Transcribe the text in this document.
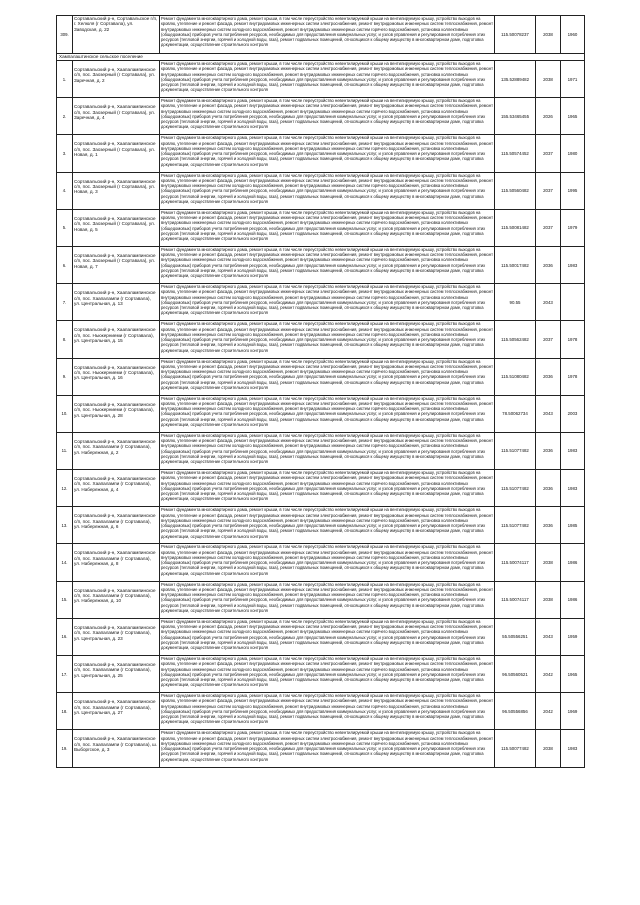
309.	Сортавальский р-н, Сортавальское г/п, г. Хелюля (г Сортавала), ул. Заводская, д. 22	Ремонт фундамента многоквартирного дома, ремонт крыши, в том числе переустройство невентилируемой крыши на вентилируемую крышу, устройство выходов на кровлю, утепление и ремонт фасада, ремонт внутридомовых инженерных систем электроснабжения, ремонт внутридомовых инженерных систем теплоснабжения, ремонт внутридомовых инженерных систем холодного водоснабжения, ремонт внутридомовых инженерных систем горячего водоснабжения, установка коллективных (общедомовых) приборов учета потребления ресурсов, необходимых для предоставления коммунальных услуг, и узлов управления и регулирования потребления этих ресурсов (тепловой энергии, горячей и холодной воды, газа), ремонт подвальных помещений, относящихся к общему имуществу в многоквартирном доме, подготовка документации, осуществление строительного контроля	115.50078237	2038	1960
Хампалаштинское сельское поселение					
1.	Сортавальский р-н, Хаапалампинское с/п, пос. Заозерный (г Сортавала), ул. Заречная, д. 2	Ремонт фундамента многоквартирного дома, ремонт крыши, в том числе переустройство невентилируемой крыши на вентилируемую крышу, устройство выходов на кровлю, утепление и ремонт фасада, ремонт внутридомовых инженерных систем электроснабжения, ремонт внутридомовых инженерных систем теплоснабжения, ремонт внутридомовых инженерных систем холодного водоснабжения, ремонт внутридомовых инженерных систем горячего водоснабжения, установка коллективных (общедомовых) приборов учета потребления ресурсов, необходимых для предоставления коммунальных услуг, и узлов управления и регулирования потребления этих ресурсов (тепловой энергии, горячей и холодной воды, газа), ремонт подвальных помещений, относящихся к общему имуществу в многоквартирном доме, подготовка документации, осуществление строительного контроля	135.52889482	2038	1971
2.	Сортавальский р-н, Хаапалампинское с/п, пос. Заозерный (г Сортавала), ул. Заречная, д. 4	Ремонт фундамента многоквартирного дома, ремонт крыши, в том числе переустройство невентилируемой крыши на вентилируемую крышу, устройство выходов на кровлю, утепление и ремонт фасада, ремонт внутридомовых инженерных систем электроснабжения, ремонт внутридомовых инженерных систем теплоснабжения, ремонт внутридомовых инженерных систем холодного водоснабжения, ремонт внутридомовых инженерных систем горячего водоснабжения, установка коллективных (общедомовых) приборов учета потребления ресурсов, необходимых для предоставления коммунальных услуг, и узлов управления и регулирования потребления этих ресурсов (тепловой энергии, горячей и холодной воды, газа), ремонт подвальных помещений, относящихся к общему имуществу в многоквартирном доме, подготовка документации, осуществление строительного контроля	155.53465455	2026	1965
3.	Сортавальский р-н, Хаапалампинское с/п, пос. Заозерный (г Сортавала), ул. Новая, д. 1	Ремонт фундамента многоквартирного дома, ремонт крыши, в том числе переустройство невентилируемой крыши на вентилируемую крышу, устройство выходов на кровлю, утепление и ремонт фасада, ремонт внутридомовых инженерных систем электроснабжения, ремонт внутридомовых инженерных систем теплоснабжения, ремонт внутридомовых инженерных систем холодного водоснабжения, ремонт внутридомовых инженерных систем горячего водоснабжения, установка коллективных (общедомовых) приборов учета потребления ресурсов, необходимых для предоставления коммунальных услуг, и узлов управления и регулирования потребления этих ресурсов (тепловой энергии, горячей и холодной воды, газа), ремонт подвальных помещений, относящихся к общему имуществу в многоквартирном доме, подготовка документации, осуществление строительного контроля	115.50574452	2037	1980
4.	Сортавальский р-н, Хаапалампинское с/п, пос. Заозерный (г Сортавала), ул. Новая, д. 3	Ремонт фундамента многоквартирного дома, ремонт крыши, в том числе переустройство невентилируемой крыши на вентилируемую крышу, устройство выходов на кровлю, утепление и ремонт фасада, ремонт внутридомовых инженерных систем электроснабжения, ремонт внутридомовых инженерных систем теплоснабжения, ремонт внутридомовых инженерных систем холодного водоснабжения, ремонт внутридомовых инженерных систем горячего водоснабжения, установка коллективных (общедомовых) приборов учета потребления ресурсов, необходимых для предоставления коммунальных услуг, и узлов управления и регулирования потребления этих ресурсов (тепловой энергии, горячей и холодной воды, газа), ремонт подвальных помещений, относящихся к общему имуществу в многоквартирном доме, подготовка документации, осуществление строительного контроля	115.50560482	2037	1995
5.	Сортавальский р-н, Хаапалампинское с/п, пос. Заозерный (г Сортавала), ул. Новая, д. 5	Ремонт фундамента многоквартирного дома, ремонт крыши, в том числе переустройство невентилируемой крыши на вентилируемую крышу, устройство выходов на кровлю, утепление и ремонт фасада, ремонт внутридомовых инженерных систем электроснабжения, ремонт внутридомовых инженерных систем теплоснабжения, ремонт внутридомовых инженерных систем холодного водоснабжения, ремонт внутридомовых инженерных систем горячего водоснабжения, установка коллективных (общедомовых) приборов учета потребления ресурсов, необходимых для предоставления коммунальных услуг, и узлов управления и регулирования потребления этих ресурсов (тепловой энергии, горячей и холодной воды, газа), ремонт подвальных помещений, относящихся к общему имуществу в многоквартирном доме, подготовка документации, осуществление строительного контроля	115.50081482	2037	1979
6.	Сортавальский р-н, Хаапалампинское с/п, пос. Заозерный (г Сортавала), ул. Новая, д. 7	Ремонт фундамента многоквартирного дома, ремонт крыши, в том числе переустройство невентилируемой крыши на вентилируемую крышу, устройство выходов на кровлю, утепление и ремонт фасада, ремонт внутридомовых инженерных систем электроснабжения, ремонт внутридомовых инженерных систем теплоснабжения, ремонт внутридомовых инженерных систем холодного водоснабжения, ремонт внутридомовых инженерных систем горячего водоснабжения, установка коллективных (общедомовых) приборов учета потребления ресурсов, необходимых для предоставления коммунальных услуг, и узлов управления и регулирования потребления этих ресурсов (тепловой энергии, горячей и холодной воды, газа), ремонт подвальных помещений, относящихся к общему имуществу в многоквартирном доме, подготовка документации, осуществление строительного контроля	115.50017482	2036	1983
7.	Сортавальский р-н, Хаапалампинское с/п, пос. Хаапалампи (г Сортавала), ул. Центральная, д. 13	Ремонт фундамента многоквартирного дома, ремонт крыши, в том числе переустройство невентилируемой крыши на вентилируемую крышу, устройство выходов на кровлю, утепление и ремонт фасада, ремонт внутридомовых инженерных систем электроснабжения, ремонт внутридомовых инженерных систем теплоснабжения, ремонт внутридомовых инженерных систем холодного водоснабжения, ремонт внутридомовых инженерных систем горячего водоснабжения, установка коллективных (общедомовых) приборов учета потребления ресурсов, необходимых для предоставления коммунальных услуг, и узлов управления и регулирования потребления этих ресурсов (тепловой энергии, горячей и холодной воды, газа), ремонт подвальных помещений, относящихся к общему имуществу в многоквартирном доме, подготовка документации, осуществление строительного контроля	90.55	2043	
8.	Сортавальский р-н, Хаапалампинское с/п, пос. Ньюкерниеми (г Сортавала), ул. Центральная, д. 15	Ремонт фундамента многоквартирного дома, ремонт крыши, в том числе переустройство невентилируемой крыши на вентилируемую крышу, устройство выходов на кровлю, утепление и ремонт фасада, ремонт внутридомовых инженерных систем электроснабжения, ремонт внутридомовых инженерных систем теплоснабжения, ремонт внутридомовых инженерных систем холодного водоснабжения, ремонт внутридомовых инженерных систем горячего водоснабжения, установка коллективных (общедомовых) приборов учета потребления ресурсов, необходимых для предоставления коммунальных услуг, и узлов управления и регулирования потребления этих ресурсов (тепловой энергии, горячей и холодной воды, газа), ремонт подвальных помещений, относящихся к общему имуществу в многоквартирном доме, подготовка документации, осуществление строительного контроля	115.50562482	2037	1978
9.	Сортавальский р-н, Хаапалампинское с/п, пос. Ньюкерниеми (г Сортавала), ул. Центральная, д. 16	Ремонт фундамента многоквартирного дома, ремонт крыши, в том числе переустройство невентилируемой крыши на вентилируемую крышу, устройство выходов на кровлю, утепление и ремонт фасада, ремонт внутридомовых инженерных систем электроснабжения, ремонт внутридомовых инженерных систем теплоснабжения, ремонт внутридомовых инженерных систем холодного водоснабжения, ремонт внутридомовых инженерных систем горячего водоснабжения, установка коллективных (общедомовых) приборов учета потребления ресурсов, необходимых для предоставления коммунальных услуг, и узлов управления и регулирования потребления этих ресурсов (тепловой энергии, горячей и холодной воды, газа), ремонт подвальных помещений, относящихся к общему имуществу в многоквартирном доме, подготовка документации, осуществление строительного контроля	115.51080482	2036	1978
10.	Сортавальский р-н, Хаапалампинское с/п, пос. Ньюкерниеми (г Сортавала), ул. Центральная, д. 28	Ремонт фундамента многоквартирного дома, ремонт крыши, в том числе переустройство невентилируемой крыши на вентилируемую крышу, устройство выходов на кровлю, утепление и ремонт фасада, ремонт внутридомовых инженерных систем электроснабжения, ремонт внутридомовых инженерных систем теплоснабжения, ремонт внутридомовых инженерных систем холодного водоснабжения, ремонт внутридомовых инженерных систем горячего водоснабжения, установка коллективных (общедомовых) приборов учета потребления ресурсов, необходимых для предоставления коммунальных услуг, и узлов управления и регулирования потребления этих ресурсов (тепловой энергии, горячей и холодной воды, газа), ремонт подвальных помещений, относящихся к общему имуществу в многоквартирном доме, подготовка документации, осуществление строительного контроля	78.50062734	2043	2003
11.	Сортавальский р-н, Хаапалампинское с/п, пос. Хаапалампи (г Сортавала), ул. Набережная, д. 2	Ремонт фундамента многоквартирного дома, ремонт крыши, в том числе переустройство невентилируемой крыши на вентилируемую крышу, устройство выходов на кровлю, утепление и ремонт фасада, ремонт внутридомовых инженерных систем электроснабжения, ремонт внутридомовых инженерных систем теплоснабжения, ремонт внутридомовых инженерных систем холодного водоснабжения, ремонт внутридомовых инженерных систем горячего водоснабжения, установка коллективных (общедомовых) приборов учета потребления ресурсов, необходимых для предоставления коммунальных услуг, и узлов управления и регулирования потребления этих ресурсов (тепловой энергии, горячей и холодной воды, газа), ремонт подвальных помещений, относящихся к общему имуществу в многоквартирном доме, подготовка документации, осуществление строительного контроля	115.51077482	2036	1983
12.	Сортавальский р-н, Хаапалампинское с/п, пос. Хаапалампи (г Сортавала), ул. Набережная, д. 4	Ремонт фундамента многоквартирного дома, ремонт крыши, в том числе переустройство невентилируемой крыши на вентилируемую крышу, устройство выходов на кровлю, утепление и ремонт фасада, ремонт внутридомовых инженерных систем электроснабжения, ремонт внутридомовых инженерных систем теплоснабжения, ремонт внутридомовых инженерных систем холодного водоснабжения, ремонт внутридомовых инженерных систем горячего водоснабжения, установка коллективных (общедомовых) приборов учета потребления ресурсов, необходимых для предоставления коммунальных услуг, и узлов управления и регулирования потребления этих ресурсов (тепловой энергии, горячей и холодной воды, газа), ремонт подвальных помещений, относящихся к общему имуществу в многоквартирном доме, подготовка документации, осуществление строительного контроля	115.51077482	2036	1983
13.	Сортавальский р-н, Хаапалампинское с/п, пос. Хаапалампи (г Сортавала), ул. Набережная, д. 6	Ремонт фундамента многоквартирного дома, ремонт крыши, в том числе переустройство невентилируемой крыши на вентилируемую крышу, устройство выходов на кровлю, утепление и ремонт фасада, ремонт внутридомовых инженерных систем электроснабжения, ремонт внутридомовых инженерных систем теплоснабжения, ремонт внутридомовых инженерных систем холодного водоснабжения, ремонт внутридомовых инженерных систем горячего водоснабжения, установка коллективных (общедомовых) приборов учета потребления ресурсов, необходимых для предоставления коммунальных услуг, и узлов управления и регулирования потребления этих ресурсов (тепловой энергии, горячей и холодной воды, газа), ремонт подвальных помещений, относящихся к общему имуществу в многоквартирном доме, подготовка документации, осуществление строительного контроля	115.51077482	2036	1985
14.	Сортавальский р-н, Хаапалампинское с/п, пос. Хаапалампи (г Сортавала), ул. Набережная, д. 8	Ремонт фундамента многоквартирного дома, ремонт крыши, в том числе переустройство невентилируемой крыши на вентилируемую крышу, устройство выходов на кровлю, утепление и ремонт фасада, ремонт внутридомовых инженерных систем электроснабжения, ремонт внутридомовых инженерных систем теплоснабжения, ремонт внутридомовых инженерных систем холодного водоснабжения, ремонт внутридомовых инженерных систем горячего водоснабжения, установка коллективных (общедомовых) приборов учета потребления ресурсов, необходимых для предоставления коммунальных услуг, и узлов управления и регулирования потребления этих ресурсов (тепловой энергии, горячей и холодной воды, газа), ремонт подвальных помещений, относящихся к общему имуществу в многоквартирном доме, подготовка документации, осуществление строительного контроля	115.50074117	2038	1986
15.	Сортавальский р-н, Хаапалампинское с/п, пос. Хаапалампи (г Сортавала), ул. Набережная, д. 10	Ремонт фундамента многоквартирного дома, ремонт крыши, в том числе переустройство невентилируемой крыши на вентилируемую крышу, устройство выходов на кровлю, утепление и ремонт фасада, ремонт внутридомовых инженерных систем электроснабжения, ремонт внутридомовых инженерных систем теплоснабжения, ремонт внутридомовых инженерных систем холодного водоснабжения, ремонт внутридомовых инженерных систем горячего водоснабжения, установка коллективных (общедомовых) приборов учета потребления ресурсов, необходимых для предоставления коммунальных услуг, и узлов управления и регулирования потребления этих ресурсов (тепловой энергии, горячей и холодной воды, газа), ремонт подвальных помещений, относящихся к общему имуществу в многоквартирном доме, подготовка документации, осуществление строительного контроля	115.50074117	2038	1986
16.	Сортавальский р-н, Хаапалампинское с/п, пос. Хаапалампи (г Сортавала), ул. Центральная, д. 23	Ремонт фундамента многоквартирного дома, ремонт крыши, в том числе переустройство невентилируемой крыши на вентилируемую крышу, устройство выходов на кровлю, утепление и ремонт фасада, ремонт внутридомовых инженерных систем электроснабжения, ремонт внутридомовых инженерных систем теплоснабжения, ремонт внутридомовых инженерных систем холодного водоснабжения, ремонт внутридомовых инженерных систем горячего водоснабжения, установка коллективных (общедомовых) приборов учета потребления ресурсов, необходимых для предоставления коммунальных услуг, и узлов управления и регулирования потребления этих ресурсов (тепловой энергии, горячей и холодной воды, газа), ремонт подвальных помещений, относящихся к общему имуществу в многоквартирном доме, подготовка документации, осуществление строительного контроля	55.50556251	2043	1959
17.	Сортавальский р-н, Хаапалампинское с/п, пос. Хаапалампи (г Сортавала), ул. Центральная, д. 25	Ремонт фундамента многоквартирного дома, ремонт крыши, в том числе переустройство невентилируемой крыши на вентилируемую крышу, устройство выходов на кровлю, утепление и ремонт фасада, ремонт внутридомовых инженерных систем электроснабжения, ремонт внутридомовых инженерных систем теплоснабжения, ремонт внутридомовых инженерных систем холодного водоснабжения, ремонт внутридомовых инженерных систем горячего водоснабжения, установка коллективных (общедомовых) приборов учета потребления ресурсов, необходимых для предоставления коммунальных услуг, и узлов управления и регулирования потребления этих ресурсов (тепловой энергии, горячей и холодной воды, газа), ремонт подвальных помещений, относящихся к общему имуществу в многоквартирном доме, подготовка документации, осуществление строительного контроля	96.50560521	2042	1965
18.	Сортавальский р-н, Хаапалампинское с/п, пос. Хаапалампи (г Сортавала), ул. Центральная, д. 27	Ремонт фундамента многоквартирного дома, ремонт крыши, в том числе переустройство невентилируемой крыши на вентилируемую крышу, устройство выходов на кровлю, утепление и ремонт фасада, ремонт внутридомовых инженерных систем электроснабжения, ремонт внутридомовых инженерных систем теплоснабжения, ремонт внутридомовых инженерных систем холодного водоснабжения, ремонт внутридомовых инженерных систем горячего водоснабжения, установка коллективных (общедомовых) приборов учета потребления ресурсов, необходимых для предоставления коммунальных услуг, и узлов управления и регулирования потребления этих ресурсов (тепловой энергии, горячей и холодной воды, газа), ремонт подвальных помещений, относящихся к общему имуществу в многоквартирном доме, подготовка документации, осуществление строительного контроля	96.50556856	2042	1969
19.	Сортавальский р-н, Хаапалампинское с/п, пос. Хаапалампи (г Сортавала), ш. Выборгское, д. 3	Ремонт фундамента многоквартирного дома, ремонт крыши, в том числе переустройство невентилируемой крыши на вентилируемую крышу, устройство выходов на кровлю, утепление и ремонт фасада, ремонт внутридомовых инженерных систем электроснабжения, ремонт внутридомовых инженерных систем теплоснабжения, ремонт внутридомовых инженерных систем холодного водоснабжения, ремонт внутридомовых инженерных систем горячего водоснабжения, установка коллективных (общедомовых) приборов учета потребления ресурсов, необходимых для предоставления коммунальных услуг, и узлов управления и регулирования потребления этих ресурсов (тепловой энергии, горячей и холодной воды, газа), ремонт подвальных помещений, относящихся к общему имуществу в многоквартирном доме, подготовка документации, осуществление строительного контроля	115.50077482	2038	1983
